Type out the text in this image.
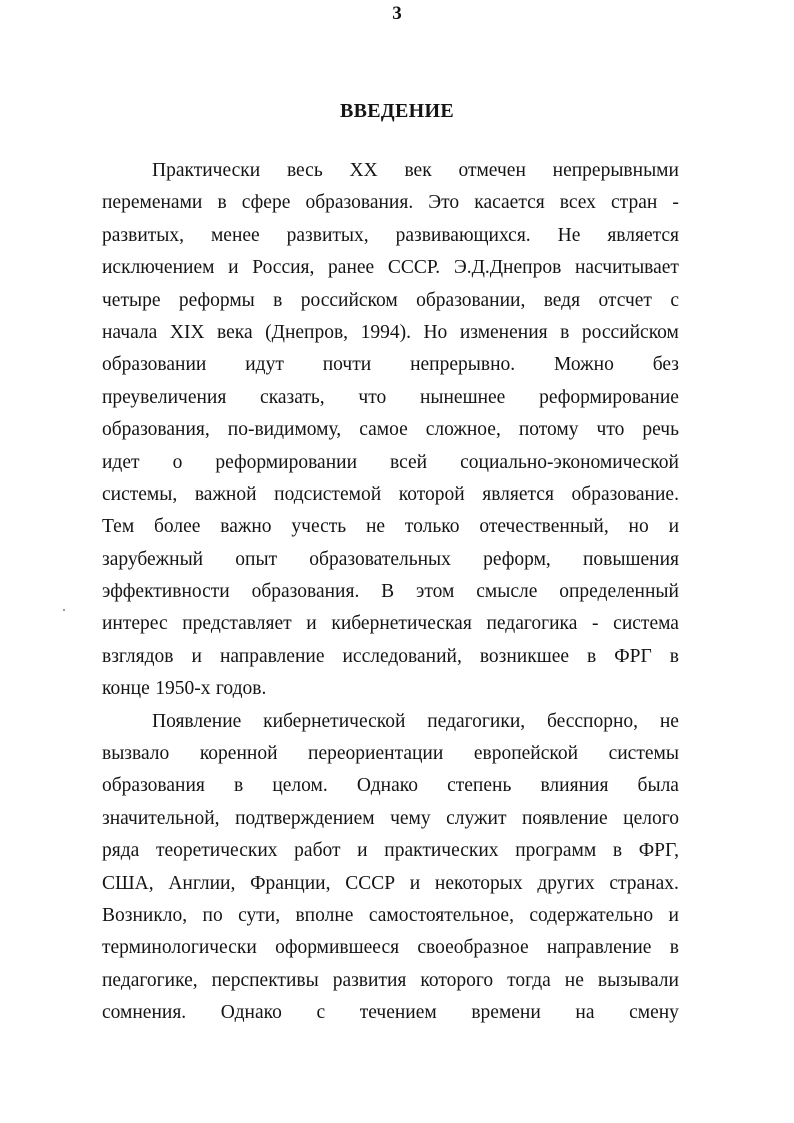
3
ВВЕДЕНИЕ
Практически весь XX век отмечен непрерывными
переменами в сфере образования. Это касается всех стран -
развитых, менее развитых, развивающихся. Не является
исключением и Россия, ранее СССР. Э.Д.Днепров насчитывает
четыре реформы в российском образовании, ведя отсчет с
начала XIX века (Днепров, 1994). Но изменения в российском
образовании идут почти непрерывно. Можно без
преувеличения сказать, что нынешнее реформирование
образования, по-видимому, самое сложное, потому что речь
идет о реформировании всей социально-экономической
системы, важной подсистемой которой является образование.
Тем более важно учесть не только отечественный, но и
зарубежный опыт образовательных реформ, повышения
эффективности образования. В этом смысле определенный
интерес представляет и кибернетическая педагогика - система
взглядов и направление исследований, возникшее в ФРГ в
конце 1950-х годов.
Появление кибернетической педагогики, бесспорно, не
вызвало коренной переориентации европейской системы
образования в целом. Однако степень влияния была
значительной, подтверждением чему служит появление целого
ряда теоретических работ и практических программ в ФРГ,
США, Англии, Франции, СССР и некоторых других странах.
Возникло, по сути, вполне самостоятельное, содержательно и
терминологически оформившееся своеобразное направление в
педагогике, перспективы развития которого тогда не вызывали
сомнения. Однако с течением времени на смену
